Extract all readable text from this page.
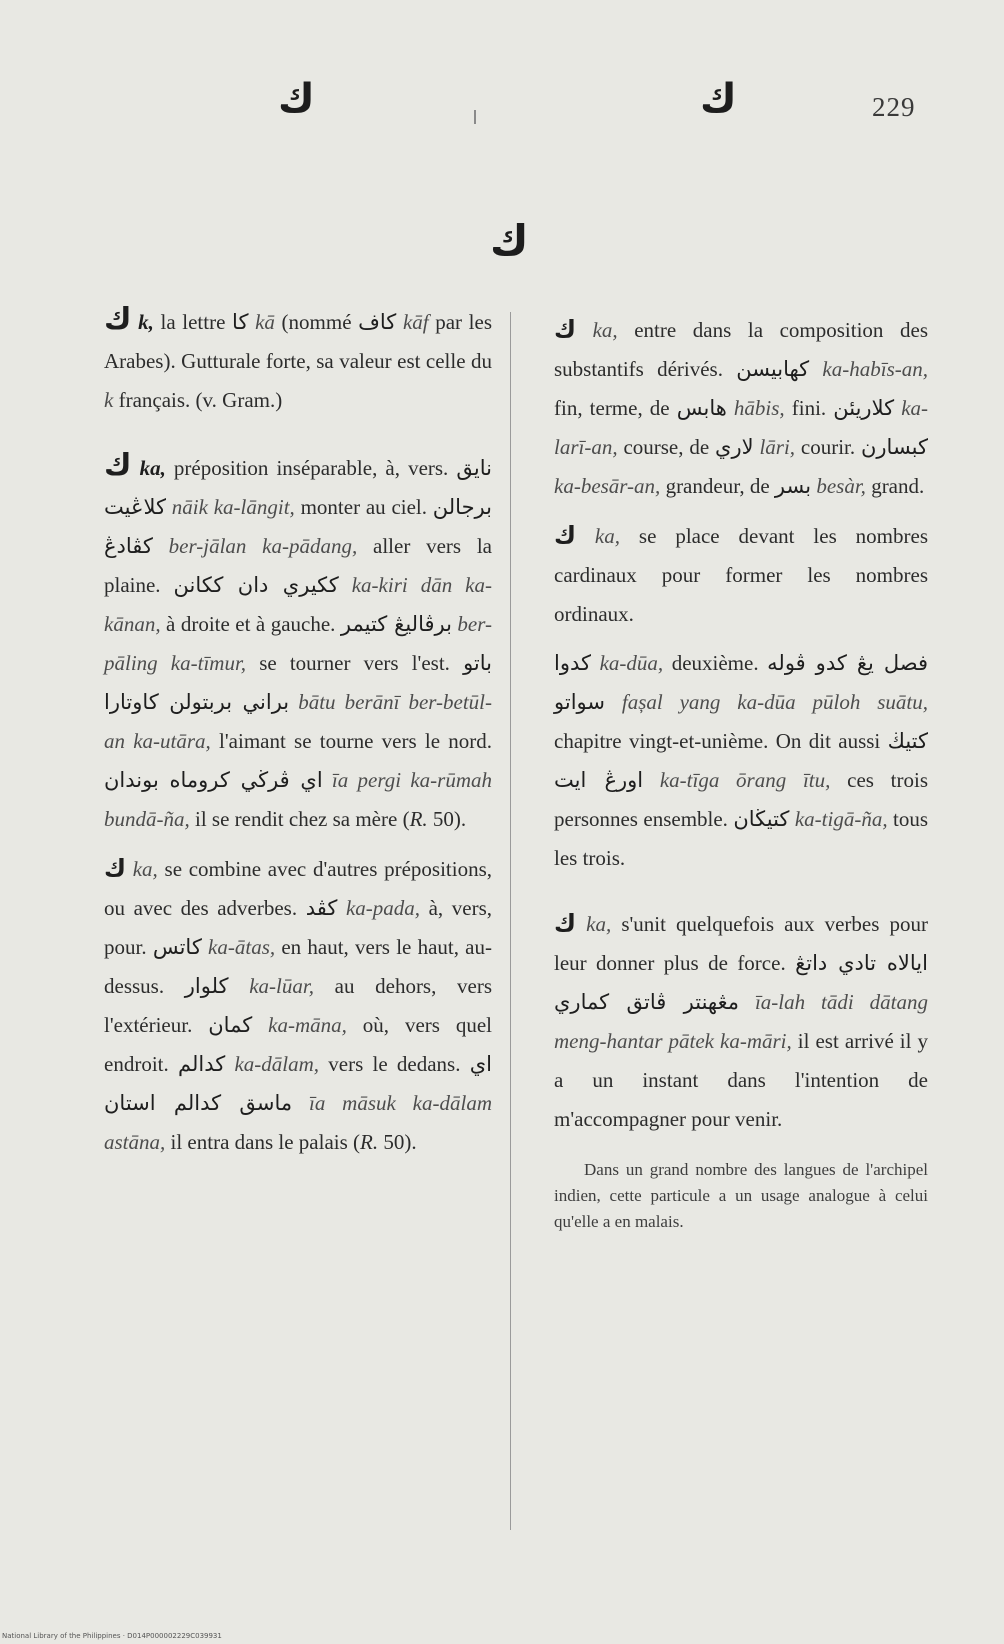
ك	ك	229
ك

ك k, la lettre كا kā (nommé كاف kāf par les Arabes). Gutturale forte, sa valeur est celle du k français. (v. Gram.)

ك ka, préposition inséparable, à, vers. نايق كلاڠيت nāik ka-lāngit, monter au ciel. برجالن كڤادڠ ber-jālan ka-pādang, aller vers la plaine. ككيري دان ككانن ka-kiri dān ka-kānan, à droite et à gauche. برڤاليڠ كتيمر ber-pāling ka-tīmur, se tourner vers l'est. باتو براني بربتولن كاوتارا bātu berānī ber-betūl-an ka-utāra, l'aimant se tourne vers le nord. اي ڤرڬي كروماه بوندان īa pergi ka-rūmah bundā-ña, il se rendit chez sa mère (R. 50).

ك ka, se combine avec d'autres prépositions, ou avec des adverbes. كڤد ka-pada, à, vers, pour. كاتس ka-ātas, en haut, vers le haut, au-dessus. كلوار ka-lūar, au dehors, vers l'extérieur. كمان ka-māna, où, vers quel endroit. كدالم ka-dālam, vers le dedans. اي ماسق كدالم استان īa māsuk ka-dālam astāna, il entra dans le palais (R. 50).

ك ka, entre dans la composition des substantifs dérivés. كهابيسن ka-habīs-an, fin, terme, de هابس hābis, fini. كلاريئن ka-larī-an, course, de لاري lāri, courir. كبسارن ka-besār-an, grandeur, de بسر besàr, grand.

ك ka, se place devant les nombres cardinaux pour former les nombres ordinaux.

كدوا ka-dūa, deuxième. فصل يڠ كدو ڤوله سواتو fașal yang ka-dūa pūloh suātu, chapitre vingt-et-unième. On dit aussi كتيڬ اورڠ ايت ka-tīga ōrang ītu, ces trois personnes ensemble. كتيڬان ka-tigā-ña, tous les trois.

ك ka, s'unit quelquefois aux verbes pour leur donner plus de force. ايالاه تادي داتڠ مڠهنتر ڤاتق كماري īa-lah tādi dātang meng-hantar pātek ka-māri, il est arrivé il y a un instant dans l'intention de m'accompagner pour venir.

Dans un grand nombre des langues de l'archipel indien, cette particule a un usage analogue à celui qu'elle a en malais.

National Library of the Philippines · D014P000002229C039931
